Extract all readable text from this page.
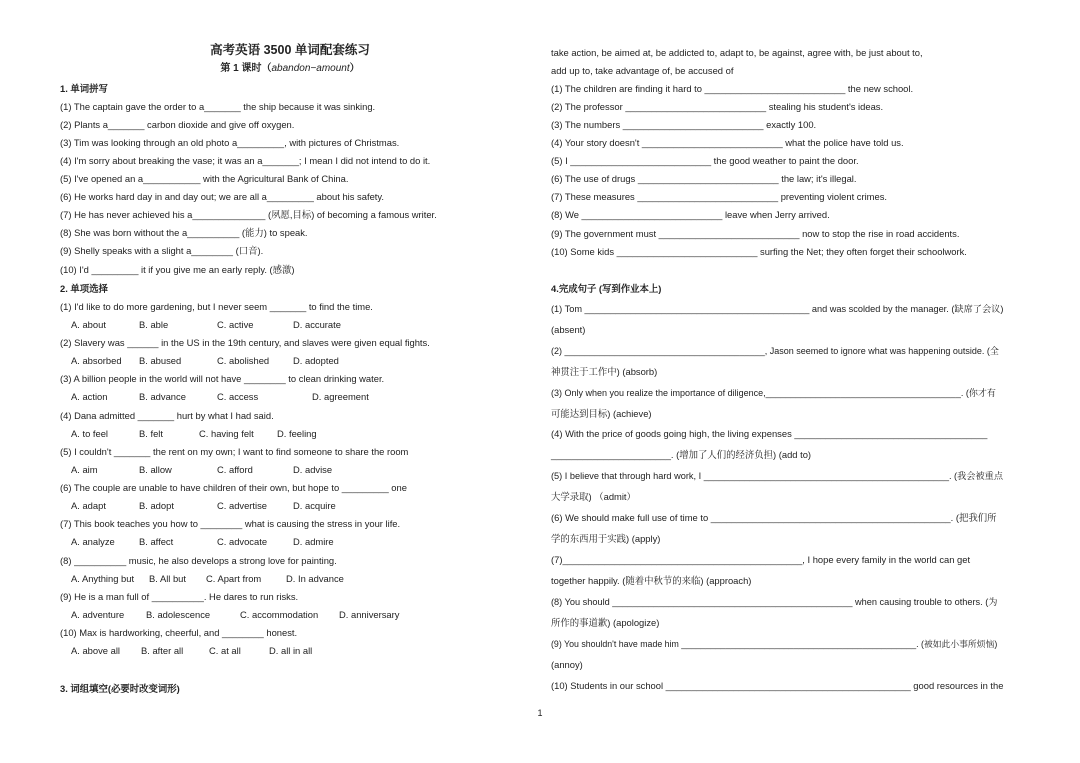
高考英语 3500 单词配套练习
第 1 课时（abandon−amount）
1. 单词拼写
(1) The captain gave the order to a_______ the ship because it was sinking.
(2) Plants a_______ carbon dioxide and give off oxygen.
(3) Tim was looking through an old photo a_________, with pictures of Christmas.
(4) I'm sorry about breaking the vase; it was an a_______; I mean I did not intend to do it.
(5) I've opened an a___________ with the Agricultural Bank of China.
(6) He works hard day in and day out; we are all a_________ about his safety.
(7) He has never achieved his a______________ (夙愿,目标) of becoming a famous writer.
(8) She was born without the a__________ (能力) to speak.
(9) Shelly speaks with a slight a________ (口音).
(10) I'd _________ it if you give me an early reply. (感激)
2. 单项选择
(1) I'd like to do more gardening, but I never seem _______ to find the time.
A. about	B. able	C. active	D. accurate
(2) Slavery was ______ in the US in the 19th century, and slaves were given equal fights.
A. absorbed B. abused	C. abolished	D. adopted
(3) A billion people in the world will not have ________ to clean drinking water.
A. action	B. advance	C. access	D. agreement
(4) Dana admitted _______ hurt by what I had said.
A. to feel	B. felt	C. having felt D. feeling
(5) I couldn't _______ the rent on my own; I want to find someone to share the room
A. aim	B. allow	C. afford	D. advise
(6) The couple are unable to have children of their own, but hope to _________ one
A. adapt	B. adopt	C. advertise	D. acquire
(7) This book teaches you how to ________ what is causing the stress in your life.
A. analyze	B. affect	C. advocate	D. admire
(8) __________ music, he also develops a strong love for painting.
A. Anything but B. All but C. Apart from	D. In advance
(9) He is a man full of __________. He dares to run risks.
A. adventure B. adolescence	C. accommodation D. anniversary
(10) Max is hardworking, cheerful, and ________ honest.
A. above all B. after all	C. at all	D. all in all
3. 词组填空(必要时改变词形)
take action, be aimed at, be addicted to, adapt to, be against, agree with, be just about to,
add up to, take advantage of, be accused of
(1) The children are finding it hard to ___________________________ the new school.
(2) The professor ___________________________ stealing his student's ideas.
(3) The numbers ___________________________ exactly 100.
(4) Your story doesn't ___________________________ what the police have told us.
(5) I ___________________________ the good weather to paint the door.
(6) The use of drugs ___________________________ the law; it's illegal.
(7) These measures ___________________________ preventing violent crimes.
(8) We ___________________________ leave when Jerry arrived.
(9) The government must ___________________________ now to stop the rise in road accidents.
(10) Some kids ___________________________ surfing the Net; they often forget their schoolwork.
4.完成句子 (写到作业本上)
(1) Tom ____________________________________________ and was scolded by the manager. (缺席了会议)
(absent)
(2) ________________________________________, Jason seemed to ignore what was happening outside. (全
神贯注于工作中) (absorb)
(3) Only when you realize the importance of diligence,_______________________________________. (你才有
可能达到目标) (achieve)
(4) With the price of goods going high, the living expenses _____________________________________
_______________________. (增加了人们的经济负担) (add to)
(5) I believe that through hard work, I ________________________________________________. (我会被重点
大学录取) （admit）
(6) We should make full use of time to ______________________________________________. (把我们所
学的东西用于实践) (apply)
(7)______________________________________________, I hope every family in the world can get
together happily. (随着中秋节的来临) (approach)
(8) You should _______________________________________________ when causing trouble to others. (为
所作的事道歉) (apologize)
(9) You shouldn't have made him ________________________________________________. (被如此小事所烦恼)
(annoy)
(10) Students in our school _______________________________________________ good resources in the
1
